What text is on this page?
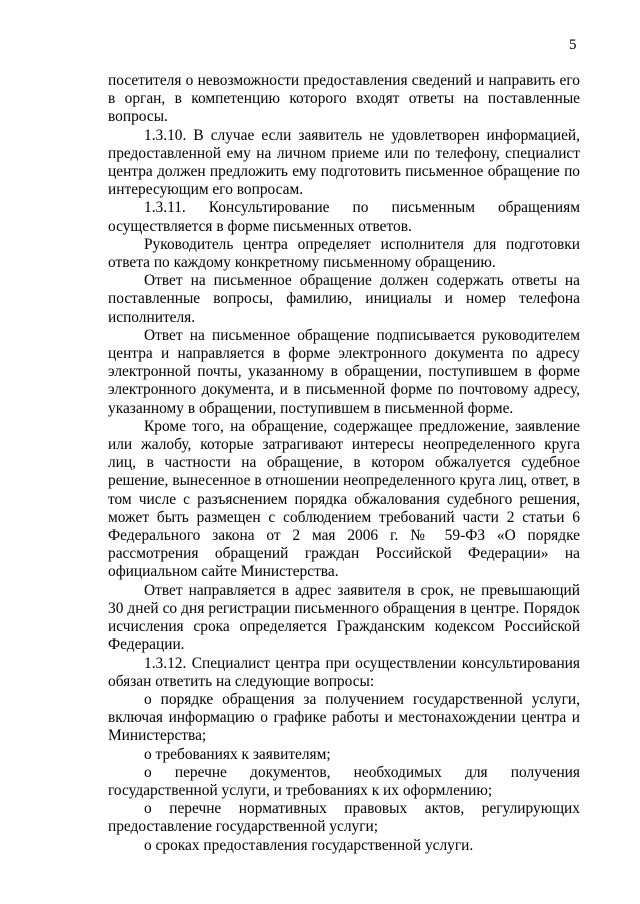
5

посетителя о невозможности предоставления сведений и направить его в орган, в компетенцию которого входят ответы на поставленные вопросы.

1.3.10. В случае если заявитель не удовлетворен информацией, предоставленной ему на личном приеме или по телефону, специалист центра должен предложить ему подготовить письменное обращение по интересующим его вопросам.

1.3.11. Консультирование по письменным обращениям осуществляется в форме письменных ответов.

Руководитель центра определяет исполнителя для подготовки ответа по каждому конкретному письменному обращению.

Ответ на письменное обращение должен содержать ответы на поставленные вопросы, фамилию, инициалы и номер телефона исполнителя.

Ответ на письменное обращение подписывается руководителем центра и направляется в форме электронного документа по адресу электронной почты, указанному в обращении, поступившем в форме электронного документа, и в письменной форме по почтовому адресу, указанному в обращении, поступившем в письменной форме.

Кроме того, на обращение, содержащее предложение, заявление или жалобу, которые затрагивают интересы неопределенного круга лиц, в частности на обращение, в котором обжалуется судебное решение, вынесенное в отношении неопределенного круга лиц, ответ, в том числе с разъяснением порядка обжалования судебного решения, может быть размещен с соблюдением требований части 2 статьи 6 Федерального закона от 2 мая 2006 г. № 59-ФЗ «О порядке рассмотрения обращений граждан Российской Федерации» на официальном сайте Министерства.

Ответ направляется в адрес заявителя в срок, не превышающий 30 дней со дня регистрации письменного обращения в центре. Порядок исчисления срока определяется Гражданским кодексом Российской Федерации.

1.3.12. Специалист центра при осуществлении консультирования обязан ответить на следующие вопросы:

о порядке обращения за получением государственной услуги, включая информацию о графике работы и местонахождении центра и Министерства;

о требованиях к заявителям;

о перечне документов, необходимых для получения государственной услуги, и требованиях к их оформлению;

о перечне нормативных правовых актов, регулирующих предоставление государственной услуги;

о сроках предоставления государственной услуги.
